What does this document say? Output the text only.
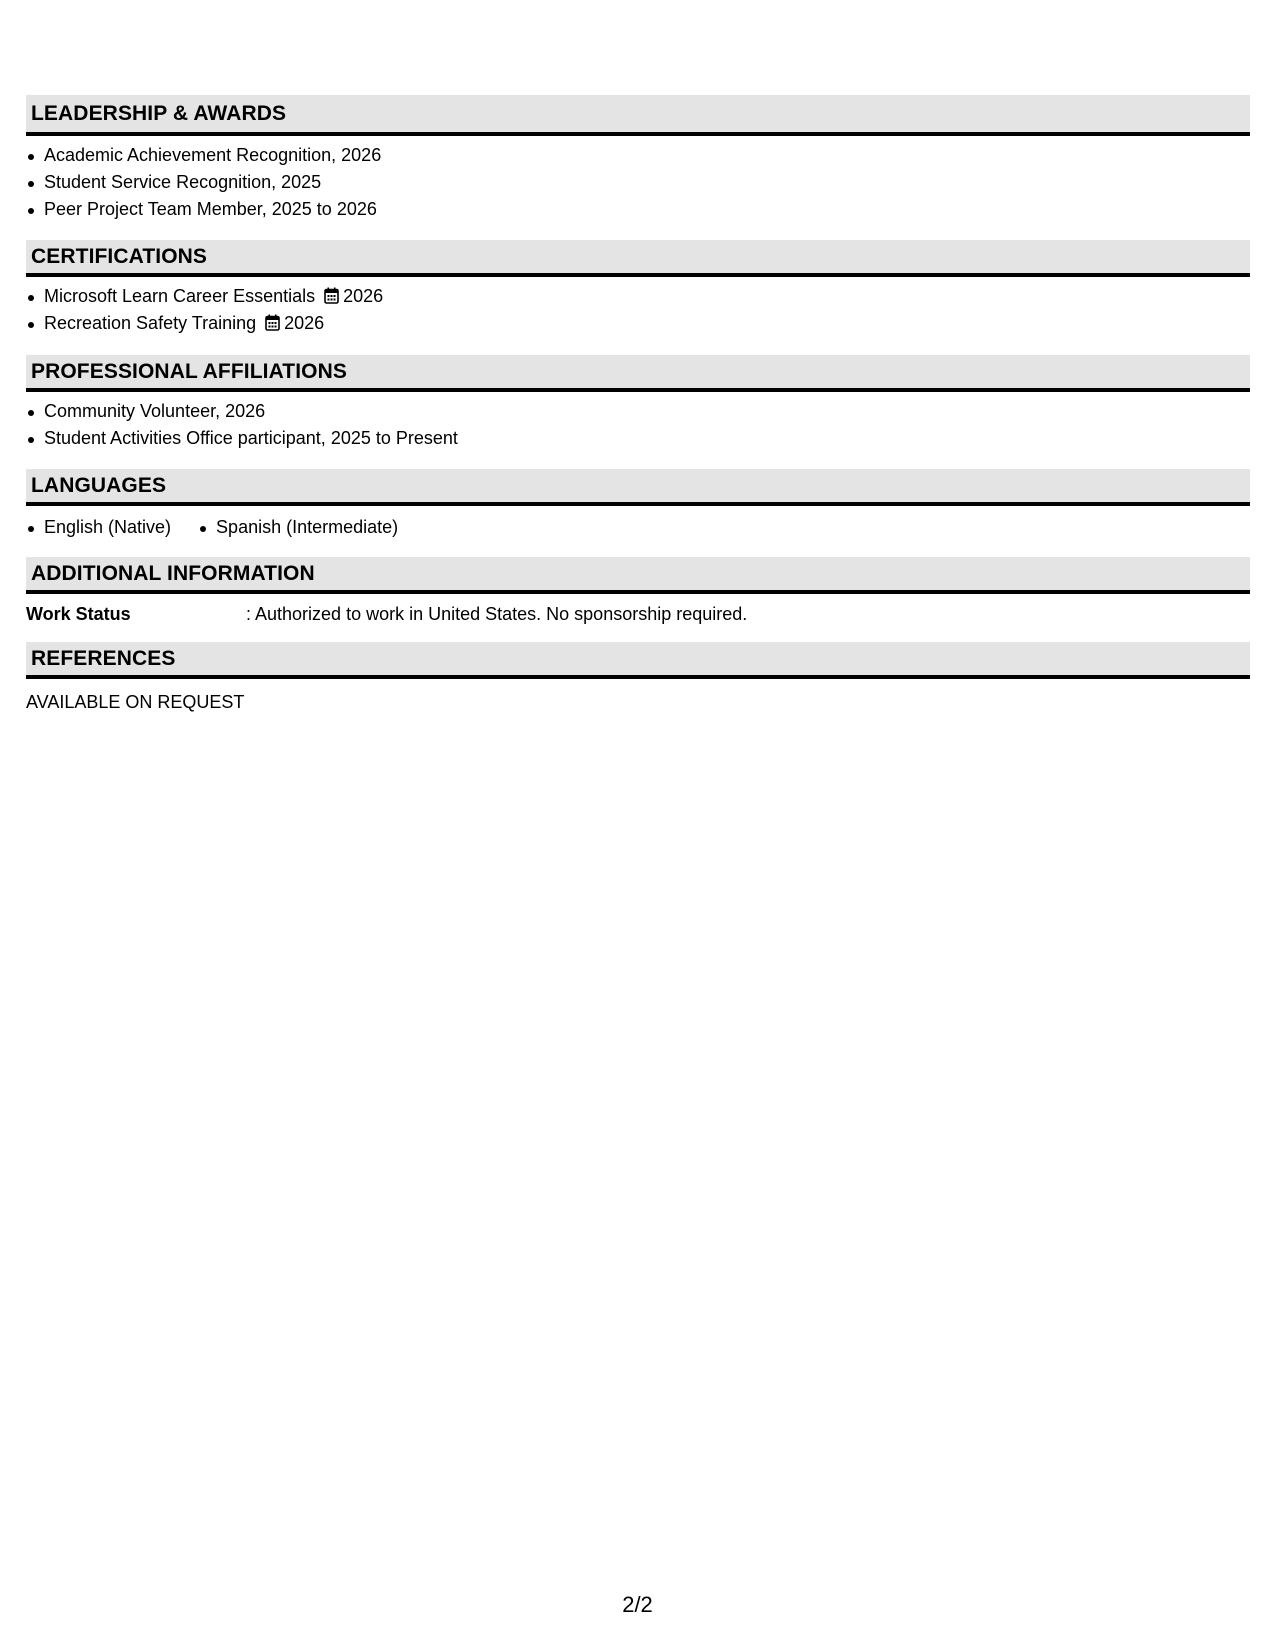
LEADERSHIP & AWARDS
Academic Achievement Recognition, 2026
Student Service Recognition, 2025
Peer Project Team Member, 2025 to 2026
CERTIFICATIONS
Microsoft Learn Career Essentials 2026
Recreation Safety Training 2026
PROFESSIONAL AFFILIATIONS
Community Volunteer, 2026
Student Activities Office participant, 2025 to Present
LANGUAGES
English (Native)	Spanish (Intermediate)
ADDITIONAL INFORMATION
Work Status	: Authorized to work in United States. No sponsorship required.
REFERENCES
AVAILABLE ON REQUEST
2/2
